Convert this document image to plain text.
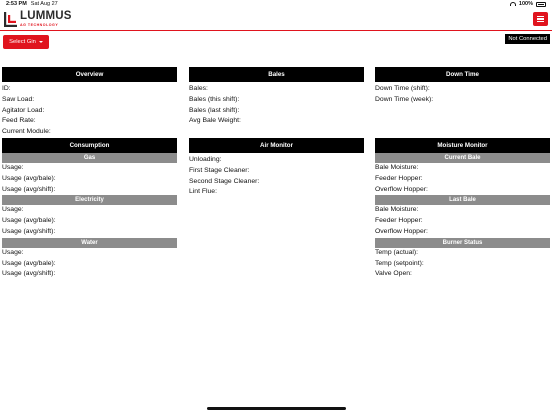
2:53 PM Sat Aug 27	100%
LUMMUS
AG TECHNOLOGY
Select Gin	Not Connected
Overview
ID:
Saw Load:
Agitator Load:
Feed Rate:
Current Module:
Consumption
Gas
Usage:
Usage (avg/bale):
Usage (avg/shift):
Electricity
Usage:
Usage (avg/bale):
Usage (avg/shift):
Water
Usage:
Usage (avg/bale):
Usage (avg/shift):
Bales
Bales:
Bales (this shift):
Bales (last shift):
Avg Bale Weight:
Air Monitor
Unloading:
First Stage Cleaner:
Second Stage Cleaner:
Lint Flue:
Down Time
Down Time (shift):
Down Time (week):
Moisture Monitor
Current Bale
Bale Moisture:
Feeder Hopper:
Overflow Hopper:
Last Bale
Bale Moisture:
Feeder Hopper:
Overflow Hopper:
Burner Status
Temp (actual):
Temp (setpoint):
Valve Open:
